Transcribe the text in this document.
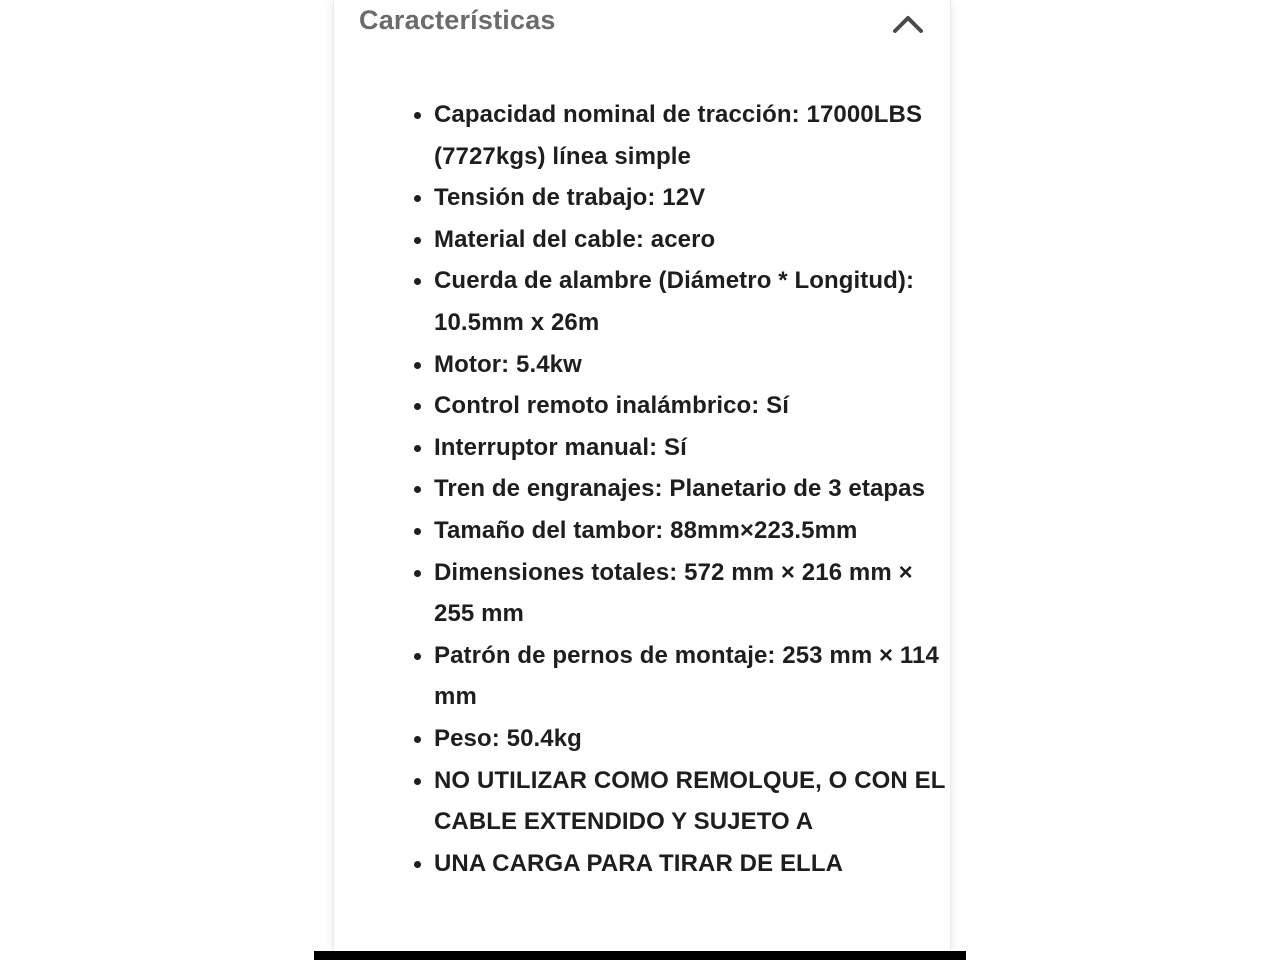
Características
Capacidad nominal de tracción: 17000LBS (7727kgs) línea simple
Tensión de trabajo: 12V
Material del cable: acero
Cuerda de alambre (Diámetro * Longitud): 10.5mm x 26m
Motor: 5.4kw
Control remoto inalámbrico: Sí
Interruptor manual: Sí
Tren de engranajes: Planetario de 3 etapas
Tamaño del tambor: 88mm×223.5mm
Dimensiones totales: 572 mm × 216 mm × 255 mm
Patrón de pernos de montaje: 253 mm × 114 mm
Peso: 50.4kg
NO UTILIZAR COMO REMOLQUE, O CON EL CABLE EXTENDIDO Y SUJETO A
UNA CARGA PARA TIRAR DE ELLA
